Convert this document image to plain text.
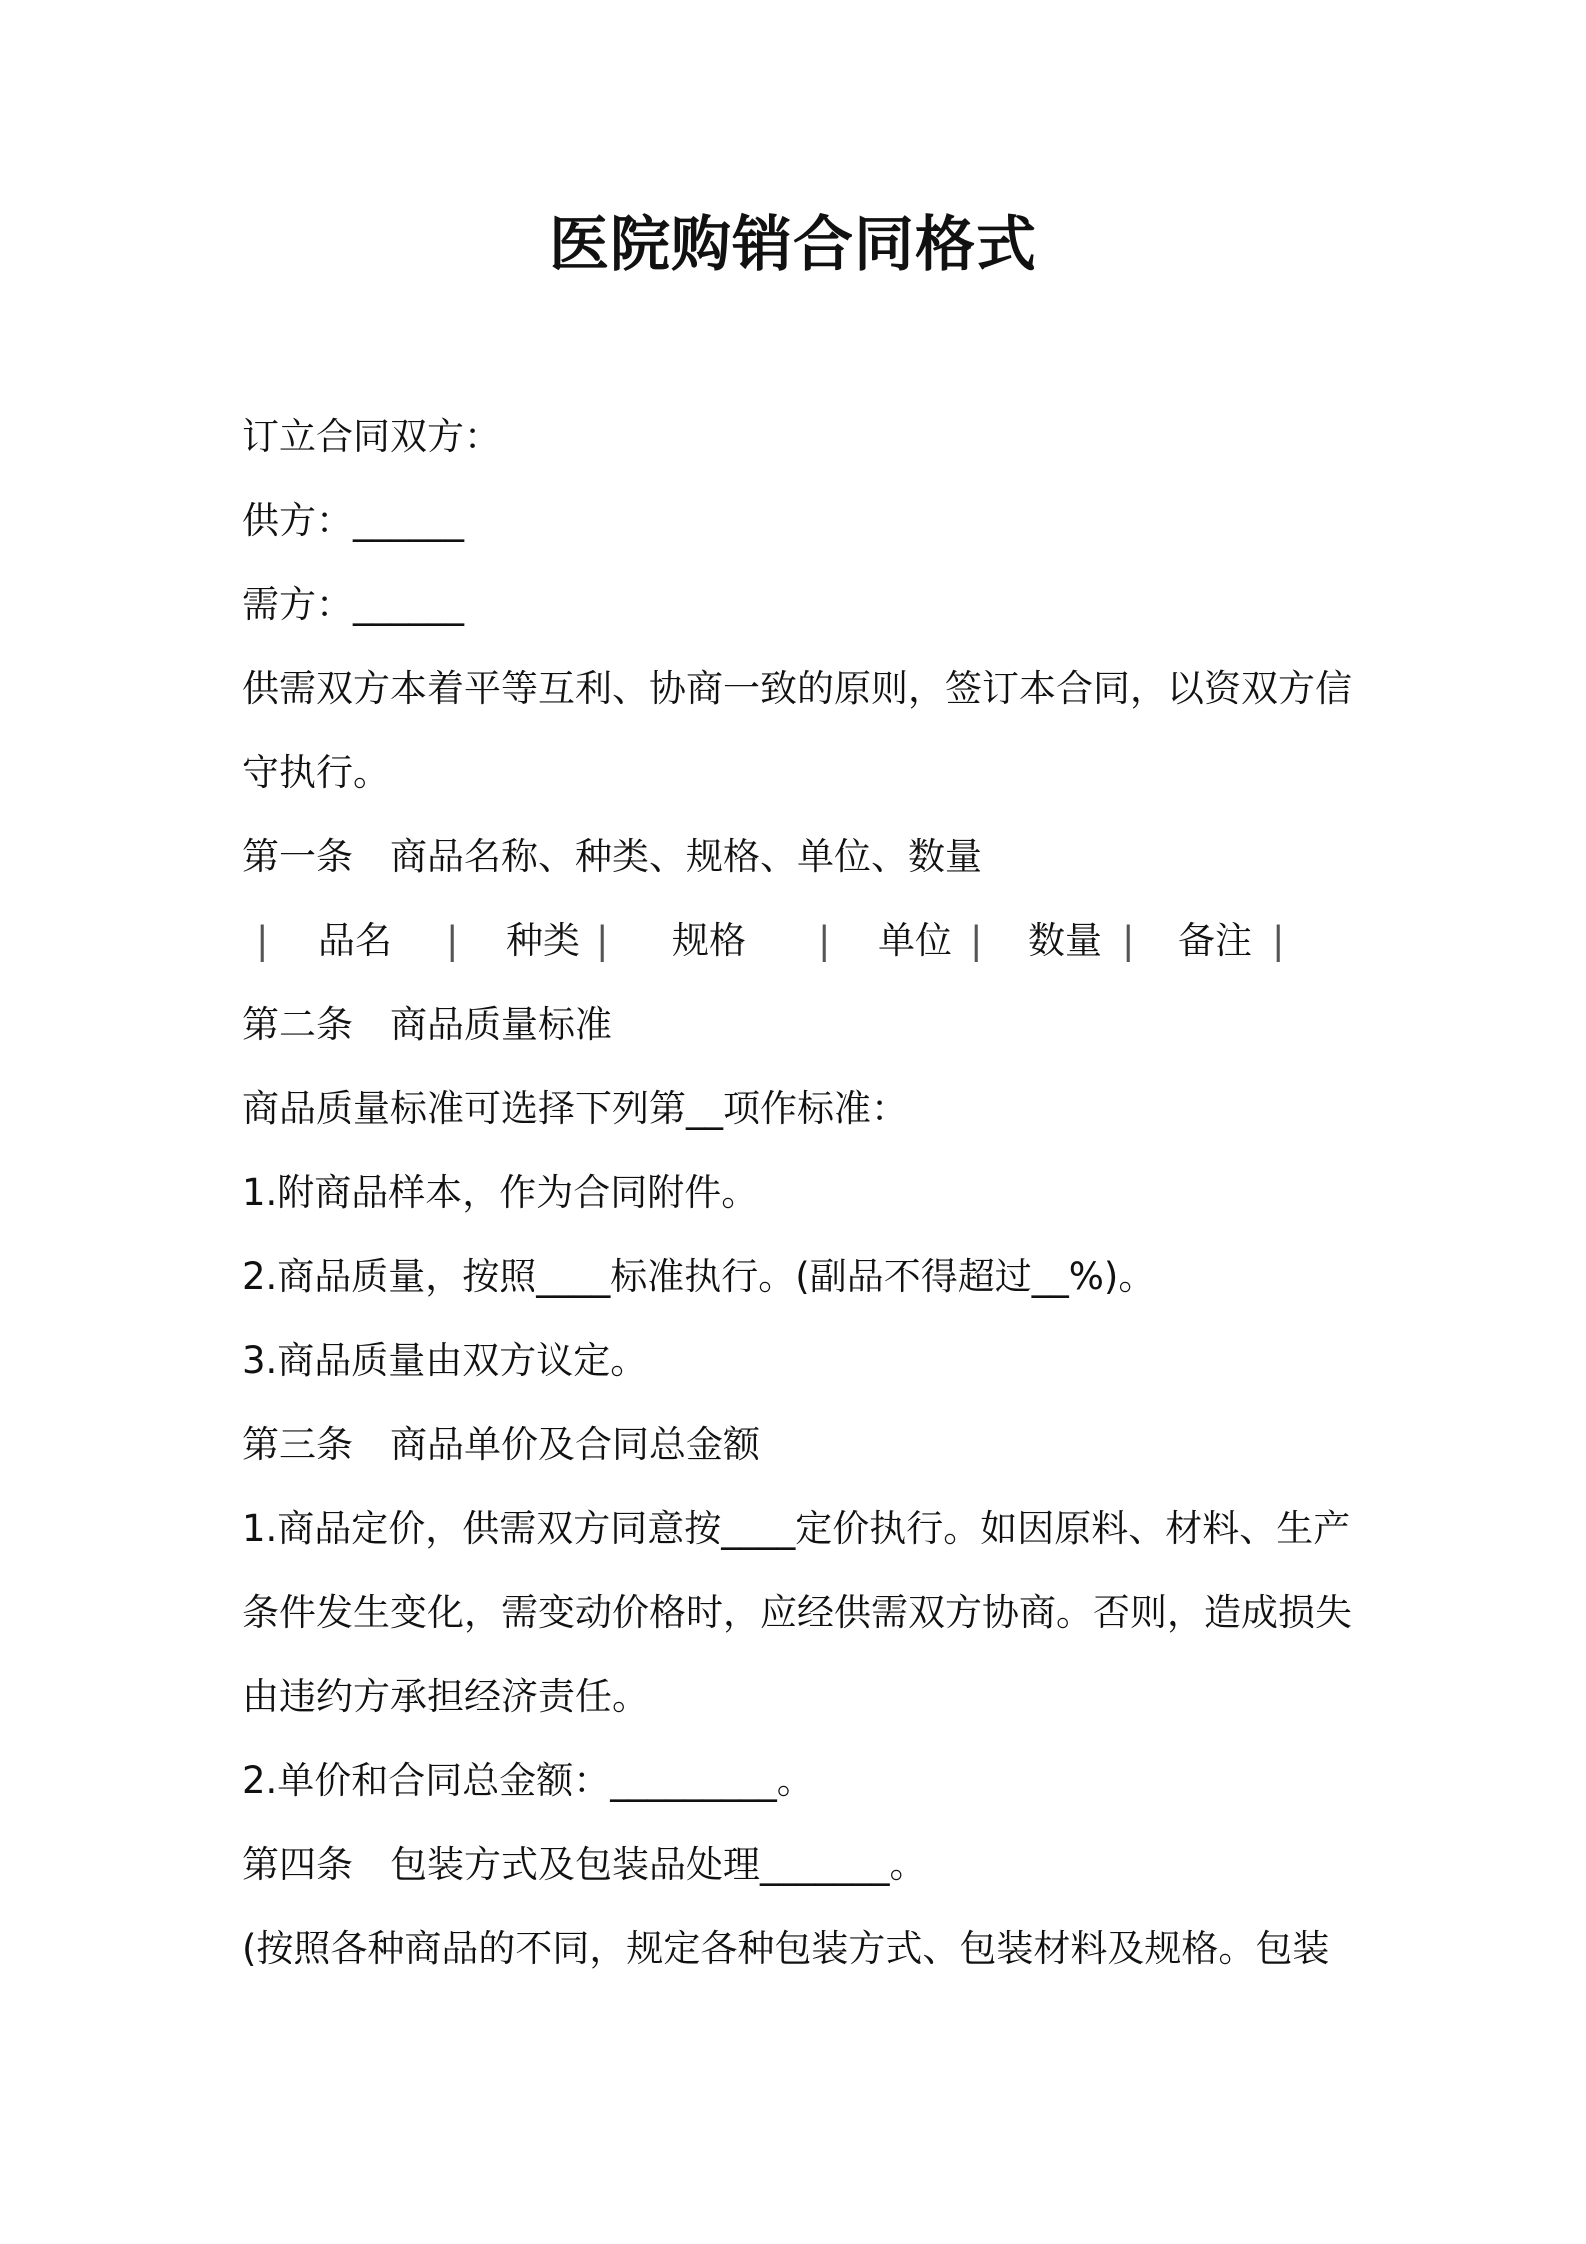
医院购销合同格式
订立合同双方：
供方：______
需方：______
供需双方本着平等互利、协商一致的原则，签订本合同，以资双方信
守执行。
第一条　商品名称、种类、规格、单位、数量
| 品名 | 种类 | 规格 | 单位 | 数量 | 备注 |
第二条　商品质量标准
商品质量标准可选择下列第__项作标准：
1.附商品样本，作为合同附件。
2.商品质量，按照____标准执行。(副品不得超过__%)。
3.商品质量由双方议定。
第三条　商品单价及合同总金额
1.商品定价，供需双方同意按____定价执行。如因原料、材料、生产
条件发生变化，需变动价格时，应经供需双方协商。否则，造成损失
由违约方承担经济责任。
2.单价和合同总金额：_________。
第四条　包装方式及包装品处理_______。
(按照各种商品的不同，规定各种包装方式、包装材料及规格。包装
